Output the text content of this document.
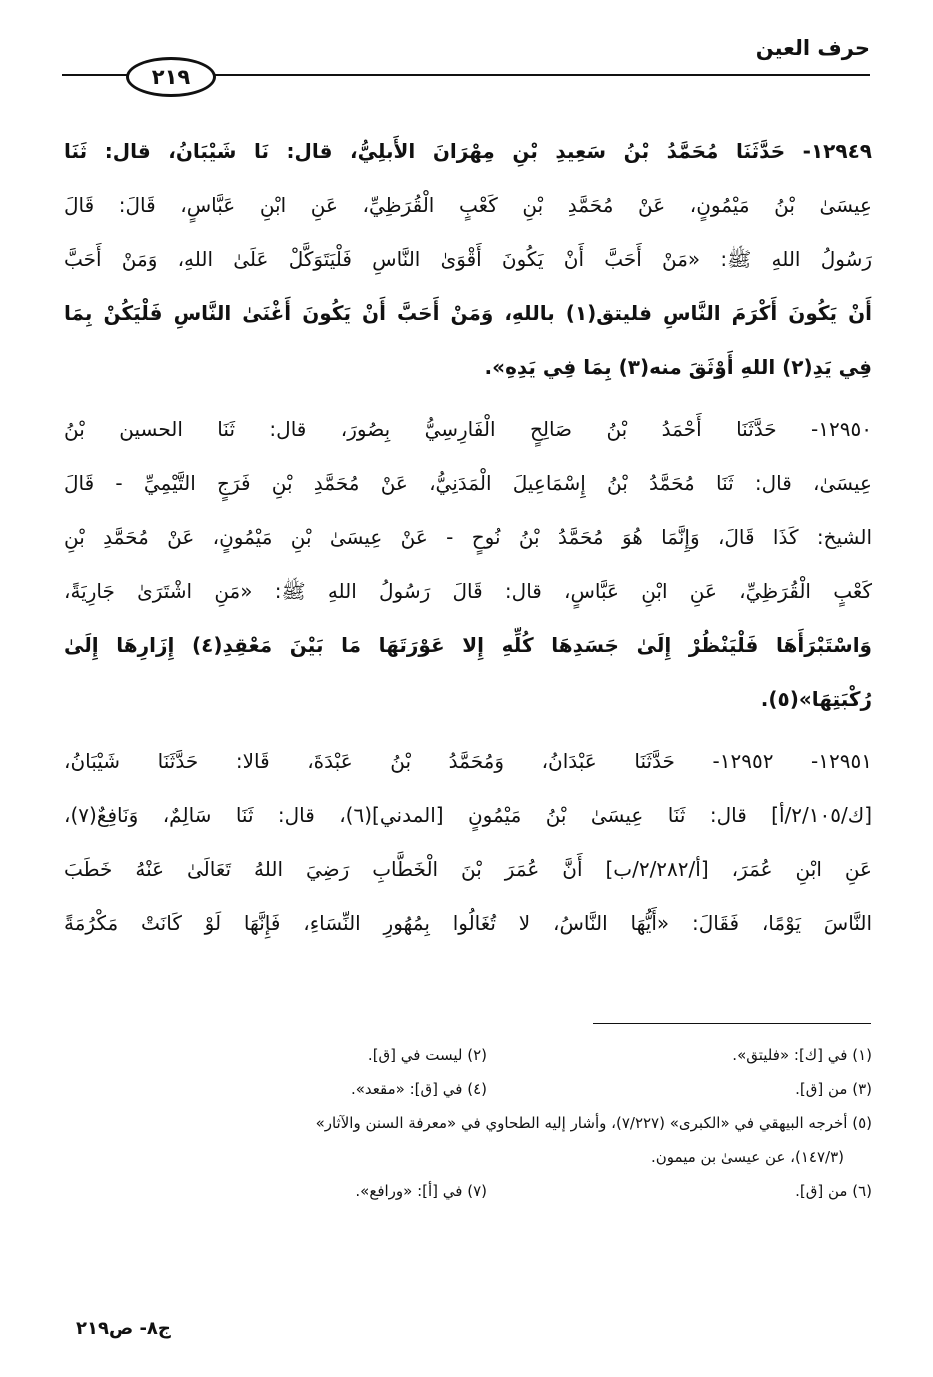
حرف العين
٢١٩
١٢٩٤٩- حَدَّثَنَا مُحَمَّدُ بْنُ سَعِيدِ بْنِ مِهْرَانَ الأَبلِيُّ، قال: نَا شَيْبَانُ، قال: ثَنَا
عِيسَىٰ بْنُ مَيْمُونٍ، عَنْ مُحَمَّدِ بْنِ كَعْبٍ الْقُرَظِيِّ، عَنِ ابْنِ عَبَّاسٍ، قَالَ: قَالَ
رَسُولُ اللهِ ﷺ: «مَنْ أَحَبَّ أَنْ يَكُونَ أَقْوَىٰ النَّاسِ فَلْيَتَوَكَّلْ عَلَىٰ اللهِ، وَمَنْ أَحَبَّ
أَنْ يَكُونَ أَكْرَمَ النَّاسِ فليتق(١) باللهِ، وَمَنْ أَحَبَّ أَنْ يَكُونَ أَغْنَىٰ النَّاسِ فَلْيَكُنْ بِمَا
فِي يَدِ(٢) اللهِ أَوْثَقَ منه(٣) بِمَا فِي يَدِهِ».
١٢٩٥٠- حَدَّثَنَا أَحْمَدُ بْنُ صَالِحٍ الْفَارِسِيُّ بِصُورَ، قال: ثَنَا الحسين بْنُ
عِيسَىٰ، قال: ثَنَا مُحَمَّدُ بْنُ إِسْمَاعِيلَ الْمَدَنِيُّ، عَنْ مُحَمَّدِ بْنِ فَرَجٍ التَّيْمِيِّ - قَالَ
الشيخ: كَذَا قَالَ، وَإِنَّمَا هُوَ مُحَمَّدُ بْنُ نُوحٍ - عَنْ عِيسَىٰ بْنِ مَيْمُونٍ، عَنْ مُحَمَّدِ بْنِ
كَعْبٍ الْقُرَظِيِّ، عَنِ ابْنِ عَبَّاسٍ، قال: قَالَ رَسُولُ اللهِ ﷺ: «مَنِ اشْتَرَىٰ جَارِيَةً،
وَاسْتَبْرَأَهَا فَلْيَنْظُرْ إِلَىٰ جَسَدِهَا كُلِّهِ إِلا عَوْرَتَهَا مَا بَيْنَ مَعْقِدِ(٤) إِزَارِهَا إِلَىٰ
رُكْبَتِهَا»(٥).
١٢٩٥١- ١٢٩٥٢- حَدَّثَنَا عَبْدَانُ، وَمُحَمَّدُ بْنُ عَبْدَةَ، قَالا: حَدَّثَنَا شَيْبَانُ،
[ك/٢/١٠٥/أ] قال: ثَنَا عِيسَىٰ بْنُ مَيْمُونٍ [المدني](٦)، قال: ثَنَا سَالِمٌ، وَنَافِعٌ(٧)،
عَنِ ابْنِ عُمَرَ، [أ/٢/٢٨٢/ب] أَنَّ عُمَرَ بْنَ الْخَطَّابِ رَضِيَ اللهُ تَعَالَىٰ عَنْهُ خَطَبَ
النَّاسَ يَوْمًا، فَقَالَ: «أَيُّهَا النَّاسُ، لا تُغَالُوا بِمُهُورِ النِّسَاءِ، فَإِنَّهَا لَوْ كَانَتْ مَكْرُمَةً
(١) في [ك]: «فليتق».
(٢) ليست في [ق].
(٣) من [ق].
(٤) في [ق]: «مقعد».
(٥) أخرجه البيهقي في «الكبرى» (٧/٢٢٧)، وأشار إليه الطحاوي في «معرفة السنن والآثار»
(١٤٧/٣)، عن عيسىٰ بن ميمون.
(٦) من [ق].
(٧) في [أ]: «ورافع».
ج٨- ص٢١٩
